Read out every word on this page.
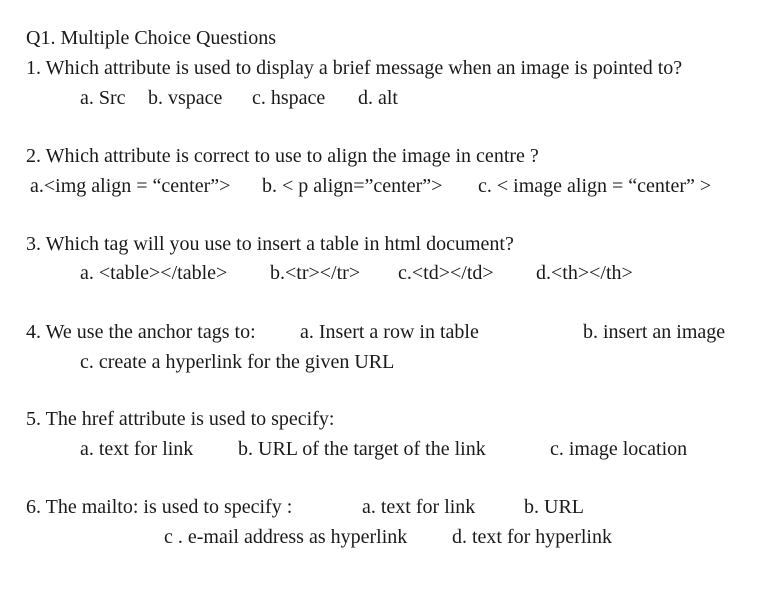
Q1. Multiple Choice Questions
1. Which attribute is used to display a brief message when an image is pointed to?
a. Src b. vspace c. hspace d. alt
2. Which attribute is correct to use to align the image in centre ?
a.<img align = “center”> b. < p align=”center”> c. < image align = “center” >
3. Which tag will you use to insert a table in html document?
a. <table></table> b.<tr></tr> c.<td></td> d.<th></th>
4. We use the anchor tags to: a. Insert a row in table	b. insert an image
c. create a hyperlink for the given URL
5. The href attribute is used to specify:
a. text for link b. URL of the target of the link	c. image location
6. The mailto: is used to specify :	a. text for link b. URL
c . e-mail address as hyperlink d. text for hyperlink
